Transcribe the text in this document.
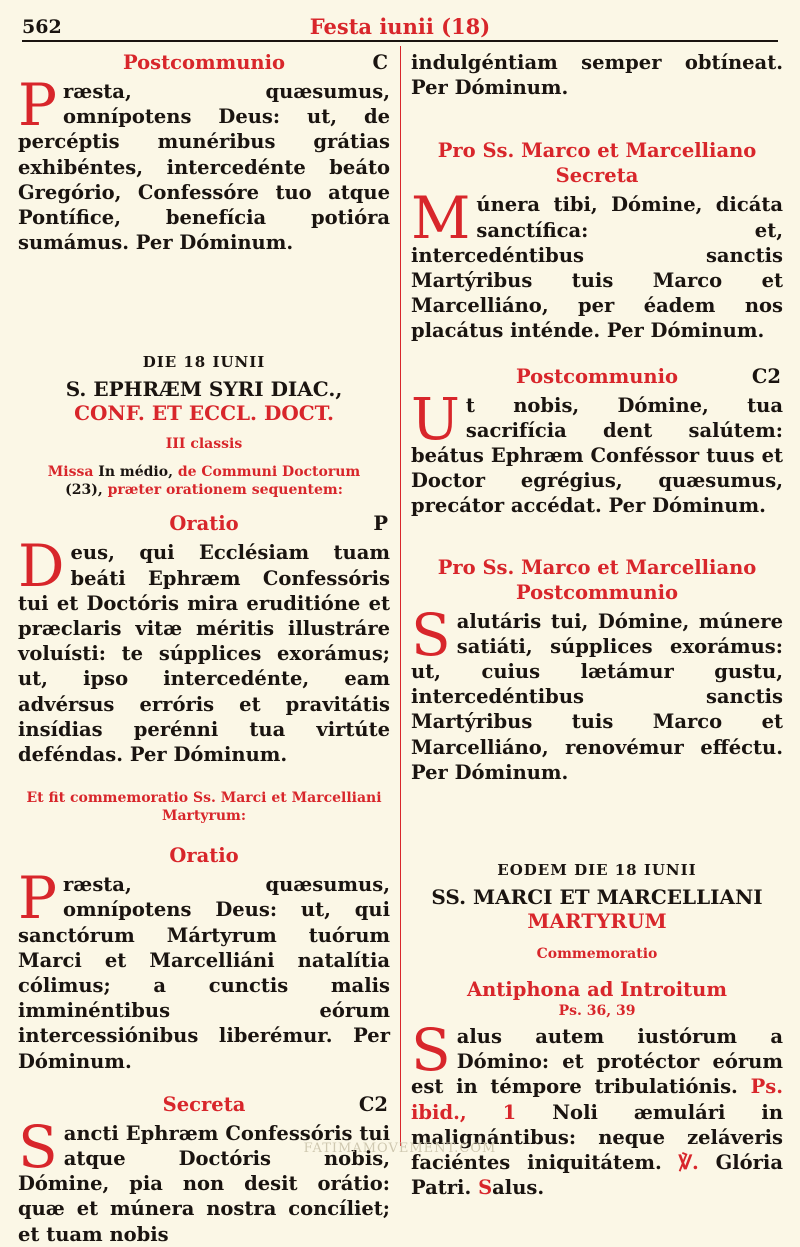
562	Festa iunii (18)
Postcommunio	C
Præsta, quæsumus, omnípotens Deus: ut, de percéptis munéribus grátias exhibéntes, intercedénte beáto Gregório, Confessóre tuo atque Pontífice, benefícia potióra sumámus. Per Dóminum.
DIE 18 IUNII
S. EPHRÆM SYRI DIAC.,
CONF. ET ECCL. DOCT.
III classis
Missa In médio, de Communi Doctorum
(23), præter orationem sequentem:
Oratio	P
Deus, qui Ecclésiam tuam beáti Ephræm Confessóris tui et Doctóris mira eruditióne et præclaris vitæ méritis illustráre voluísti: te súpplices exorámus; ut, ipso intercedénte, eam advérsus erróris et pravitátis insídias perénni tua virtúte deféndas. Per Dóminum.
Et fit commemoratio Ss. Marci et Marcelliani Martyrum:
Oratio
Præsta, quæsumus, omnípotens Deus: ut, qui sanctórum Mártyrum tuórum Marci et Marcelliáni natalítia cólimus; a cunctis malis imminéntibus eórum intercessiónibus liberémur. Per Dóminum.
Secreta	C2
Sancti Ephræm Confessóris tui atque Doctóris nobis, Dómine, pia non desit orátio: quæ et múnera nostra concíliet; et tuam nobis
indulgéntiam semper obtíneat. Per Dóminum.
Pro Ss. Marco et Marcelliano
Secreta
Múnera tibi, Dómine, dicáta sanctífica: et, intercedéntibus sanctis Martýribus tuis Marco et Marcelliáno, per éadem nos placátus inténde. Per Dóminum.
Postcommunio	C2
Ut nobis, Dómine, tua sacrifícia dent salútem: beátus Ephræm Conféssor tuus et Doctor egrégius, quæsumus, precátor accédat. Per Dóminum.
Pro Ss. Marco et Marcelliano
Postcommunio
Salutáris tui, Dómine, múnere satiáti, súpplices exorámus: ut, cuius lætámur gustu, intercedéntibus sanctis Martýribus tuis Marco et Marcelliáno, renovémur efféctu. Per Dóminum.
EODEM DIE 18 IUNII
SS. MARCI ET MARCELLIANI
MARTYRUM
Commemoratio
Antiphona ad Introitum
Ps. 36, 39
Salus autem iustórum a Dómino: et protéctor eórum est in témpore tribulatiónis. Ps. ibid., 1 Noli æmulári in malignántibus: neque zeláveris faciéntes iniquitátem. ℣. Glória Patri. Salus.
FATIMAMOVEMENT.COM
